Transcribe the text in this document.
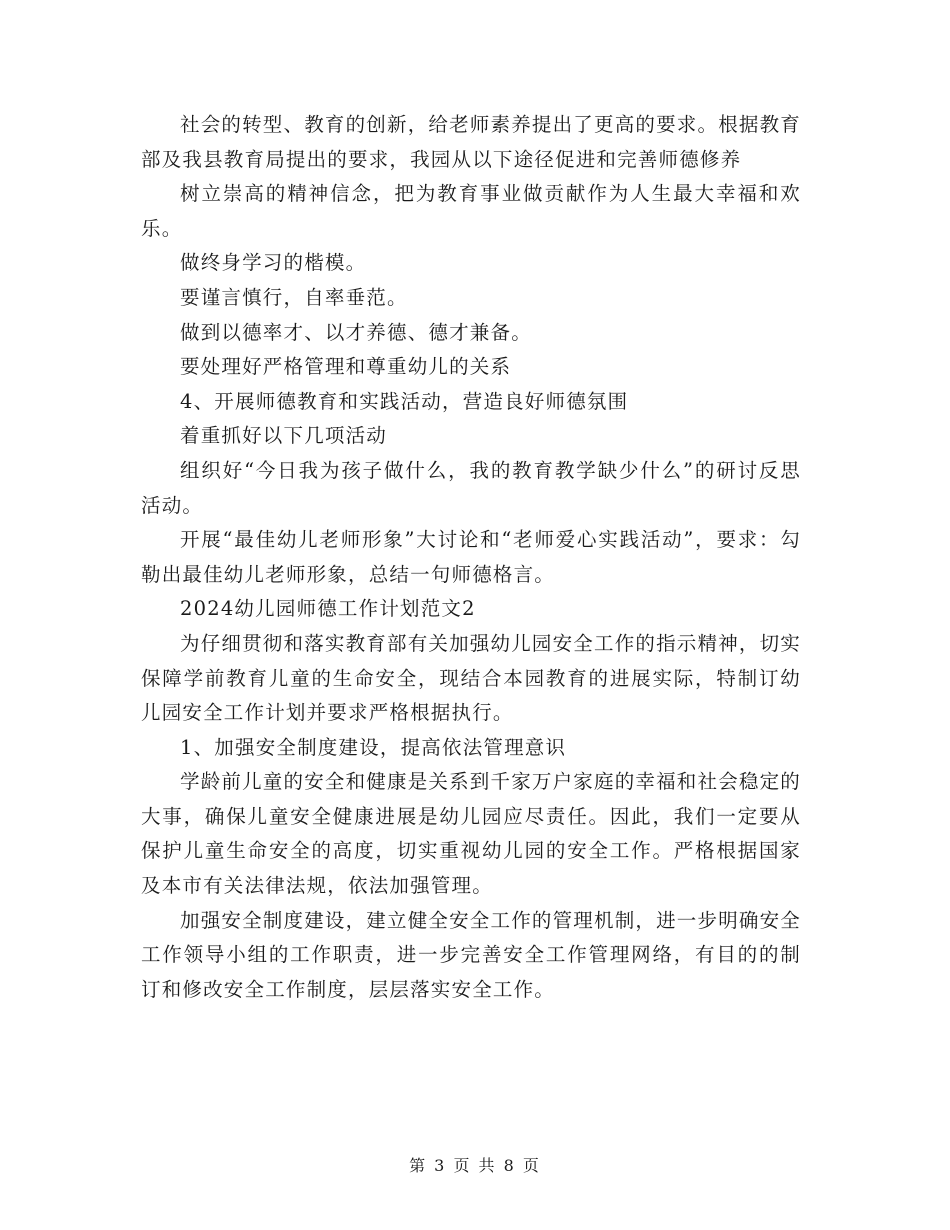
社会的转型、教育的创新，给老师素养提出了更高的要求。根据教育部及我县教育局提出的要求，我园从以下途径促进和完善师德修养

树立崇高的精神信念，把为教育事业做贡献作为人生最大幸福和欢乐。

做终身学习的楷模。

要谨言慎行，自率垂范。

做到以德率才、以才养德、德才兼备。

要处理好严格管理和尊重幼儿的关系

4、开展师德教育和实践活动，营造良好师德氛围

着重抓好以下几项活动

组织好“今日我为孩子做什么，我的教育教学缺少什么”的研讨反思活动。

开展“最佳幼儿老师形象”大讨论和“老师爱心实践活动”，要求：勾勒出最佳幼儿老师形象，总结一句师德格言。

2024幼儿园师德工作计划范文2

为仔细贯彻和落实教育部有关加强幼儿园安全工作的指示精神，切实保障学前教育儿童的生命安全，现结合本园教育的进展实际，特制订幼儿园安全工作计划并要求严格根据执行。

1、加强安全制度建设，提高依法管理意识

学龄前儿童的安全和健康是关系到千家万户家庭的幸福和社会稳定的大事，确保儿童安全健康进展是幼儿园应尽责任。因此，我们一定要从保护儿童生命安全的高度，切实重视幼儿园的安全工作。严格根据国家及本市有关法律法规，依法加强管理。

加强安全制度建设，建立健全安全工作的管理机制，进一步明确安全工作领导小组的工作职责，进一步完善安全工作管理网络，有目的的制订和修改安全工作制度，层层落实安全工作。

第 3 页 共 8 页
